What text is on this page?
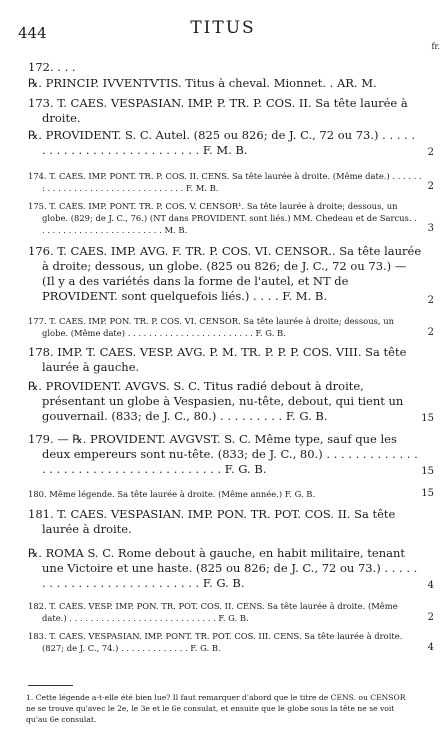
444	TITUS
fr.
172. . . .
℞. PRINCIP. IVVENTVTIS. Titus à cheval. Mionnet. . AR. M.
173. T. CAES. VESPASIAN. IMP. P. TR. P. COS. II. Sa tête laurée à droite.
℞. PROVIDENT. S. C. Autel. (825 ou 826; de J. C., 72 ou 73.) . . . . . . . . . . . . . . . . . . . . . . . . . . . F. M. B.	2
174. T. CAES. IMP. PONT. TR. P. COS. II. CENS. Sa tête laurée à droite. (Même date.) . . . . . . : . . . . . . . . . . . . . . . . . . . . . . . . . . F. M. B.	2
175. T. CAES. IMP. PONT. TR. P. COS. V. CENSOR¹. Sa tête laurée à droite; dessous, un globe. (829; de J. C., 76.) (NT dans PROVIDENT. sont liés.) MM. Chedeau et de Sarcus. . . . . . . . . . . . . . . . . . . . . . . . . M. B.	3
176. T. CAES. IMP. AVG. F. TR. P. COS. VI. CENSOR.. Sa tête laurée à droite; dessous, un globe. (825 ou 826; de J. C., 72 ou 73.) — (Il y a des variétés dans la forme de l'autel, et NT de PROVIDENT. sont quelquefois liés.) . . . . F. M. B.	2
177. T. CAES. IMP. PON. TR. P. COS. VI. CENSOR. Sa tête laurée à droite; dessous, un globe. (Même date) . . . . . . . . . . . . . . . . . . . . . . . . F. G. B.	2
178. IMP. T. CAES. VESP. AVG. P. M. TR. P. P. P. COS. VIII. Sa tête laurée à gauche.
℞. PROVIDENT. AVGVS. S. C. Titus radié debout à droite, présentant un globe à Vespasien, nu-tête, debout, qui tient un gouvernail. (833; de J. C., 80.) . . . . . . . . . F. G. B.	15
179. — ℞. PROVIDENT. AVGVST. S. C. Même type, sauf que les deux empereurs sont nu-tête. (833; de J. C., 80.) . . . . . . . . . . . . . . . . . . . . . . . . . . . . . . . . . . . . . . F. G. B.	15
180. Même légende. Sa tête laurée à droite. (Même année.) F. G. B.	15
181. T. CAES. VESPASIAN. IMP. PON. TR. POT. COS. II. Sa tête laurée à droite.
℞. ROMA S. C. Rome debout à gauche, en habit militaire, tenant une Victoire et une haste. (825 ou 826; de J. C., 72 ou 73.) . . . . . . . . . . . . . . . . . . . . . . . . . . . F. G. B.	4
182. T. CAES. VESP. IMP. PON. TR. POT. COS. II. CENS. Sa tête laurée à droite. (Même date.) . . . . . . . . . . . . . . . . . . . . . . . . . . . . F. G. B.	2
183. T. CAES. VESPASIAN. IMP. PONT. TR. POT. COS. III. CENS. Sa tête laurée à droite. (827; de J. C., 74.) . . . . . . . . . . . . . F. G. B.	4
1. Cette légende a-t-elle été bien lue? Il faut remarquer d'abord que le titre de CENS. ou CENSOR ne se trouve qu'avec le 2e, le 3e et le 6e consulat, et ensuite que le globe sous la tête ne se voit qu'au 6e consulat.
